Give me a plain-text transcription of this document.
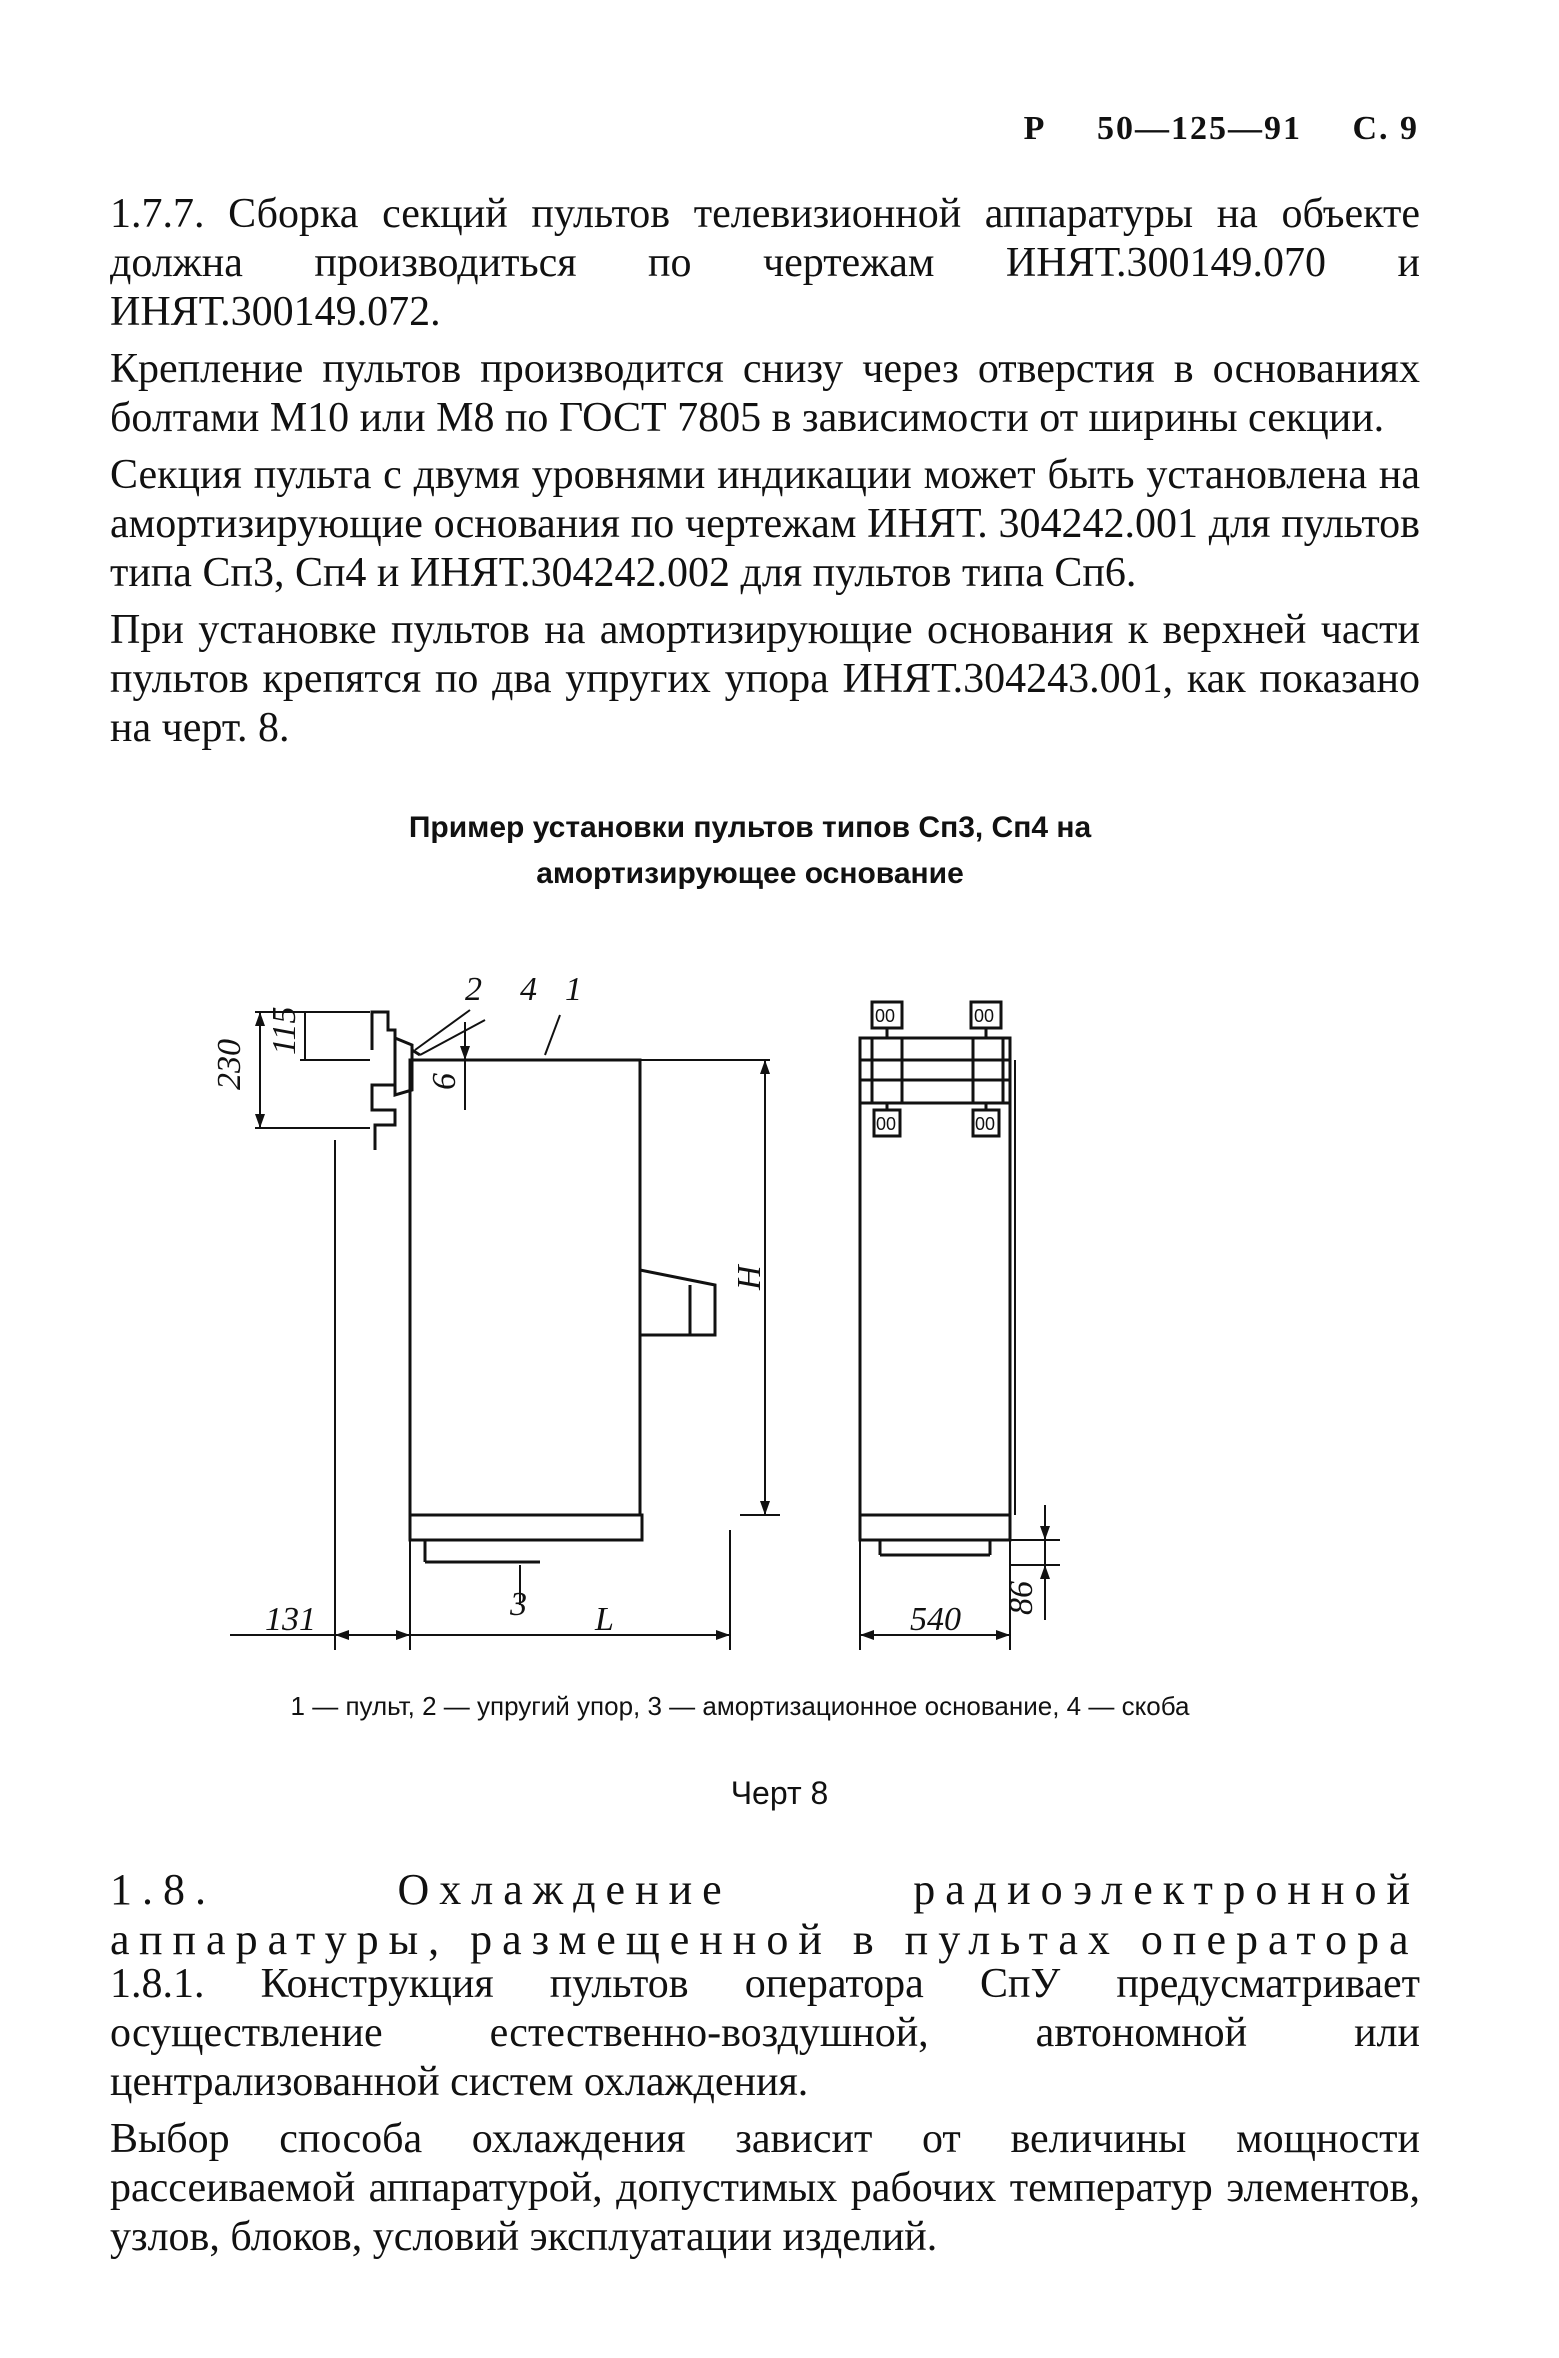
Р 50—125—91 С. 9

1.7.7. Сборка секций пультов телевизионной аппаратуры на объекте должна производиться по чертежам ИНЯТ.300149.070 и ИНЯТ.300149.072.

Крепление пультов производится снизу через отверстия в основаниях болтами М10 или М8 по ГОСТ 7805 в зависимости от ширины секции.

Секция пульта с двумя уровнями индикации может быть установлена на амортизирующие основания по чертежам ИНЯТ. 304242.001 для пультов типа Сп3, Сп4 и ИНЯТ.304242.002 для пультов типа Сп6.

При установке пультов на амортизирующие основания к верхней части пультов крепятся по два упругих упора ИНЯТ.304243.001, как показано на черт. 8.

Пример установки пультов типов Сп3, Сп4 на
амортизирующее основание
2 4 1
3
230
115
6
H
131	L	540
86
00	00
00	00
1 — пульт, 2 — упругий упор, 3 — амортизационное основание, 4 — скоба
Черт 8
1.8. Охлаждение радиоэлектронной аппаратуры, размещенной в пультах оператора

1.8.1. Конструкция пультов оператора СпУ предусматривает осуществление естественно-воздушной, автономной или централизованной систем охлаждения.

Выбор способа охлаждения зависит от величины мощности рассеиваемой аппаратурой, допустимых рабочих температур элементов, узлов, блоков, условий эксплуатации изделий.
